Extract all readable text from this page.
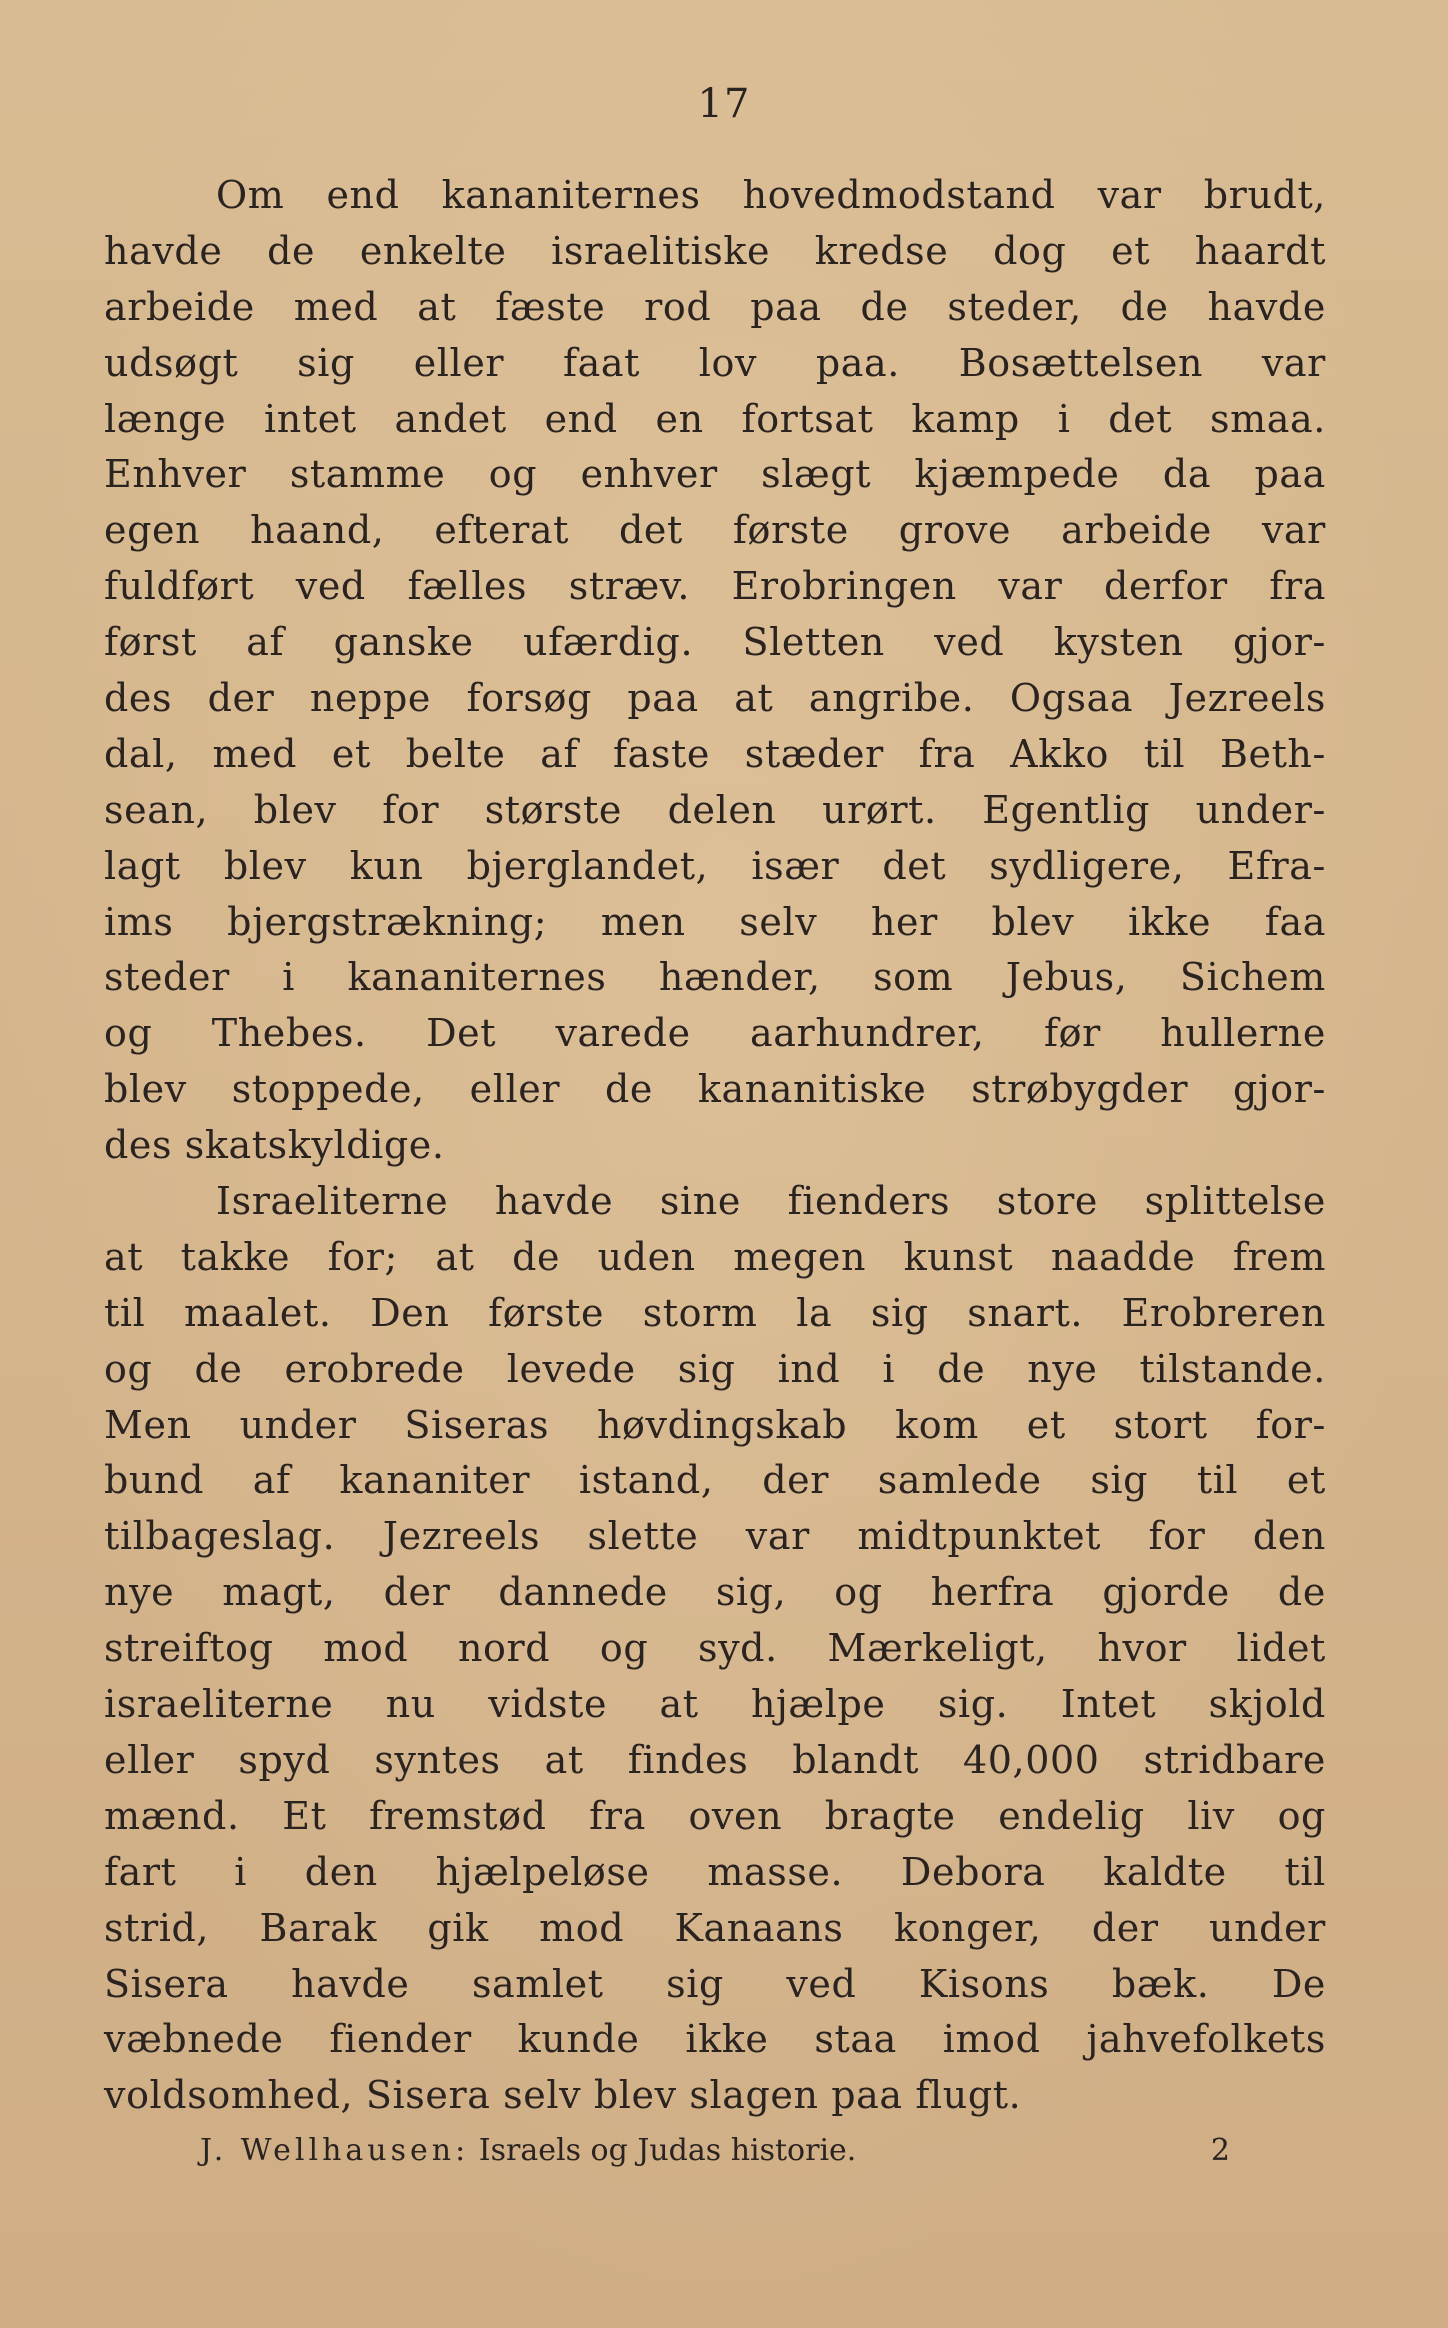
17
Om end kananiternes hovedmodstand var brudt,
havde de enkelte israelitiske kredse dog et haardt
arbeide med at fæste rod paa de steder, de havde
udsøgt sig eller faat lov paa. Bosættelsen var
længe intet andet end en fortsat kamp i det smaa.
Enhver stamme og enhver slægt kjæmpede da paa
egen haand, efterat det første grove arbeide var
fuldført ved fælles stræv. Erobringen var derfor fra
først af ganske ufærdig. Sletten ved kysten gjor-
des der neppe forsøg paa at angribe. Ogsaa Jezreels
dal, med et belte af faste stæder fra Akko til Beth-
sean, blev for største delen urørt. Egentlig under-
lagt blev kun bjerglandet, især det sydligere, Efra-
ims bjergstrækning; men selv her blev ikke faa
steder i kananiternes hænder, som Jebus, Sichem
og Thebes. Det varede aarhundrer, før hullerne
blev stoppede, eller de kananitiske strøbygder gjor-
des skatskyldige.
Israeliterne havde sine fienders store splittelse
at takke for; at de uden megen kunst naadde frem
til maalet. Den første storm la sig snart. Erobreren
og de erobrede levede sig ind i de nye tilstande.
Men under Siseras høvdingskab kom et stort for-
bund af kananiter istand, der samlede sig til et
tilbageslag. Jezreels slette var midtpunktet for den
nye magt, der dannede sig, og herfra gjorde de
streiftog mod nord og syd. Mærkeligt, hvor lidet
israeliterne nu vidste at hjælpe sig. Intet skjold
eller spyd syntes at findes blandt 40,000 stridbare
mænd. Et fremstød fra oven bragte endelig liv og
fart i den hjælpeløse masse. Debora kaldte til
strid, Barak gik mod Kanaans konger, der under
Sisera havde samlet sig ved Kisons bæk. De
væbnede fiender kunde ikke staa imod jahvefolkets
voldsomhed, Sisera selv blev slagen paa flugt.
J. Wellhausen: Israels og Judas historie.	2
